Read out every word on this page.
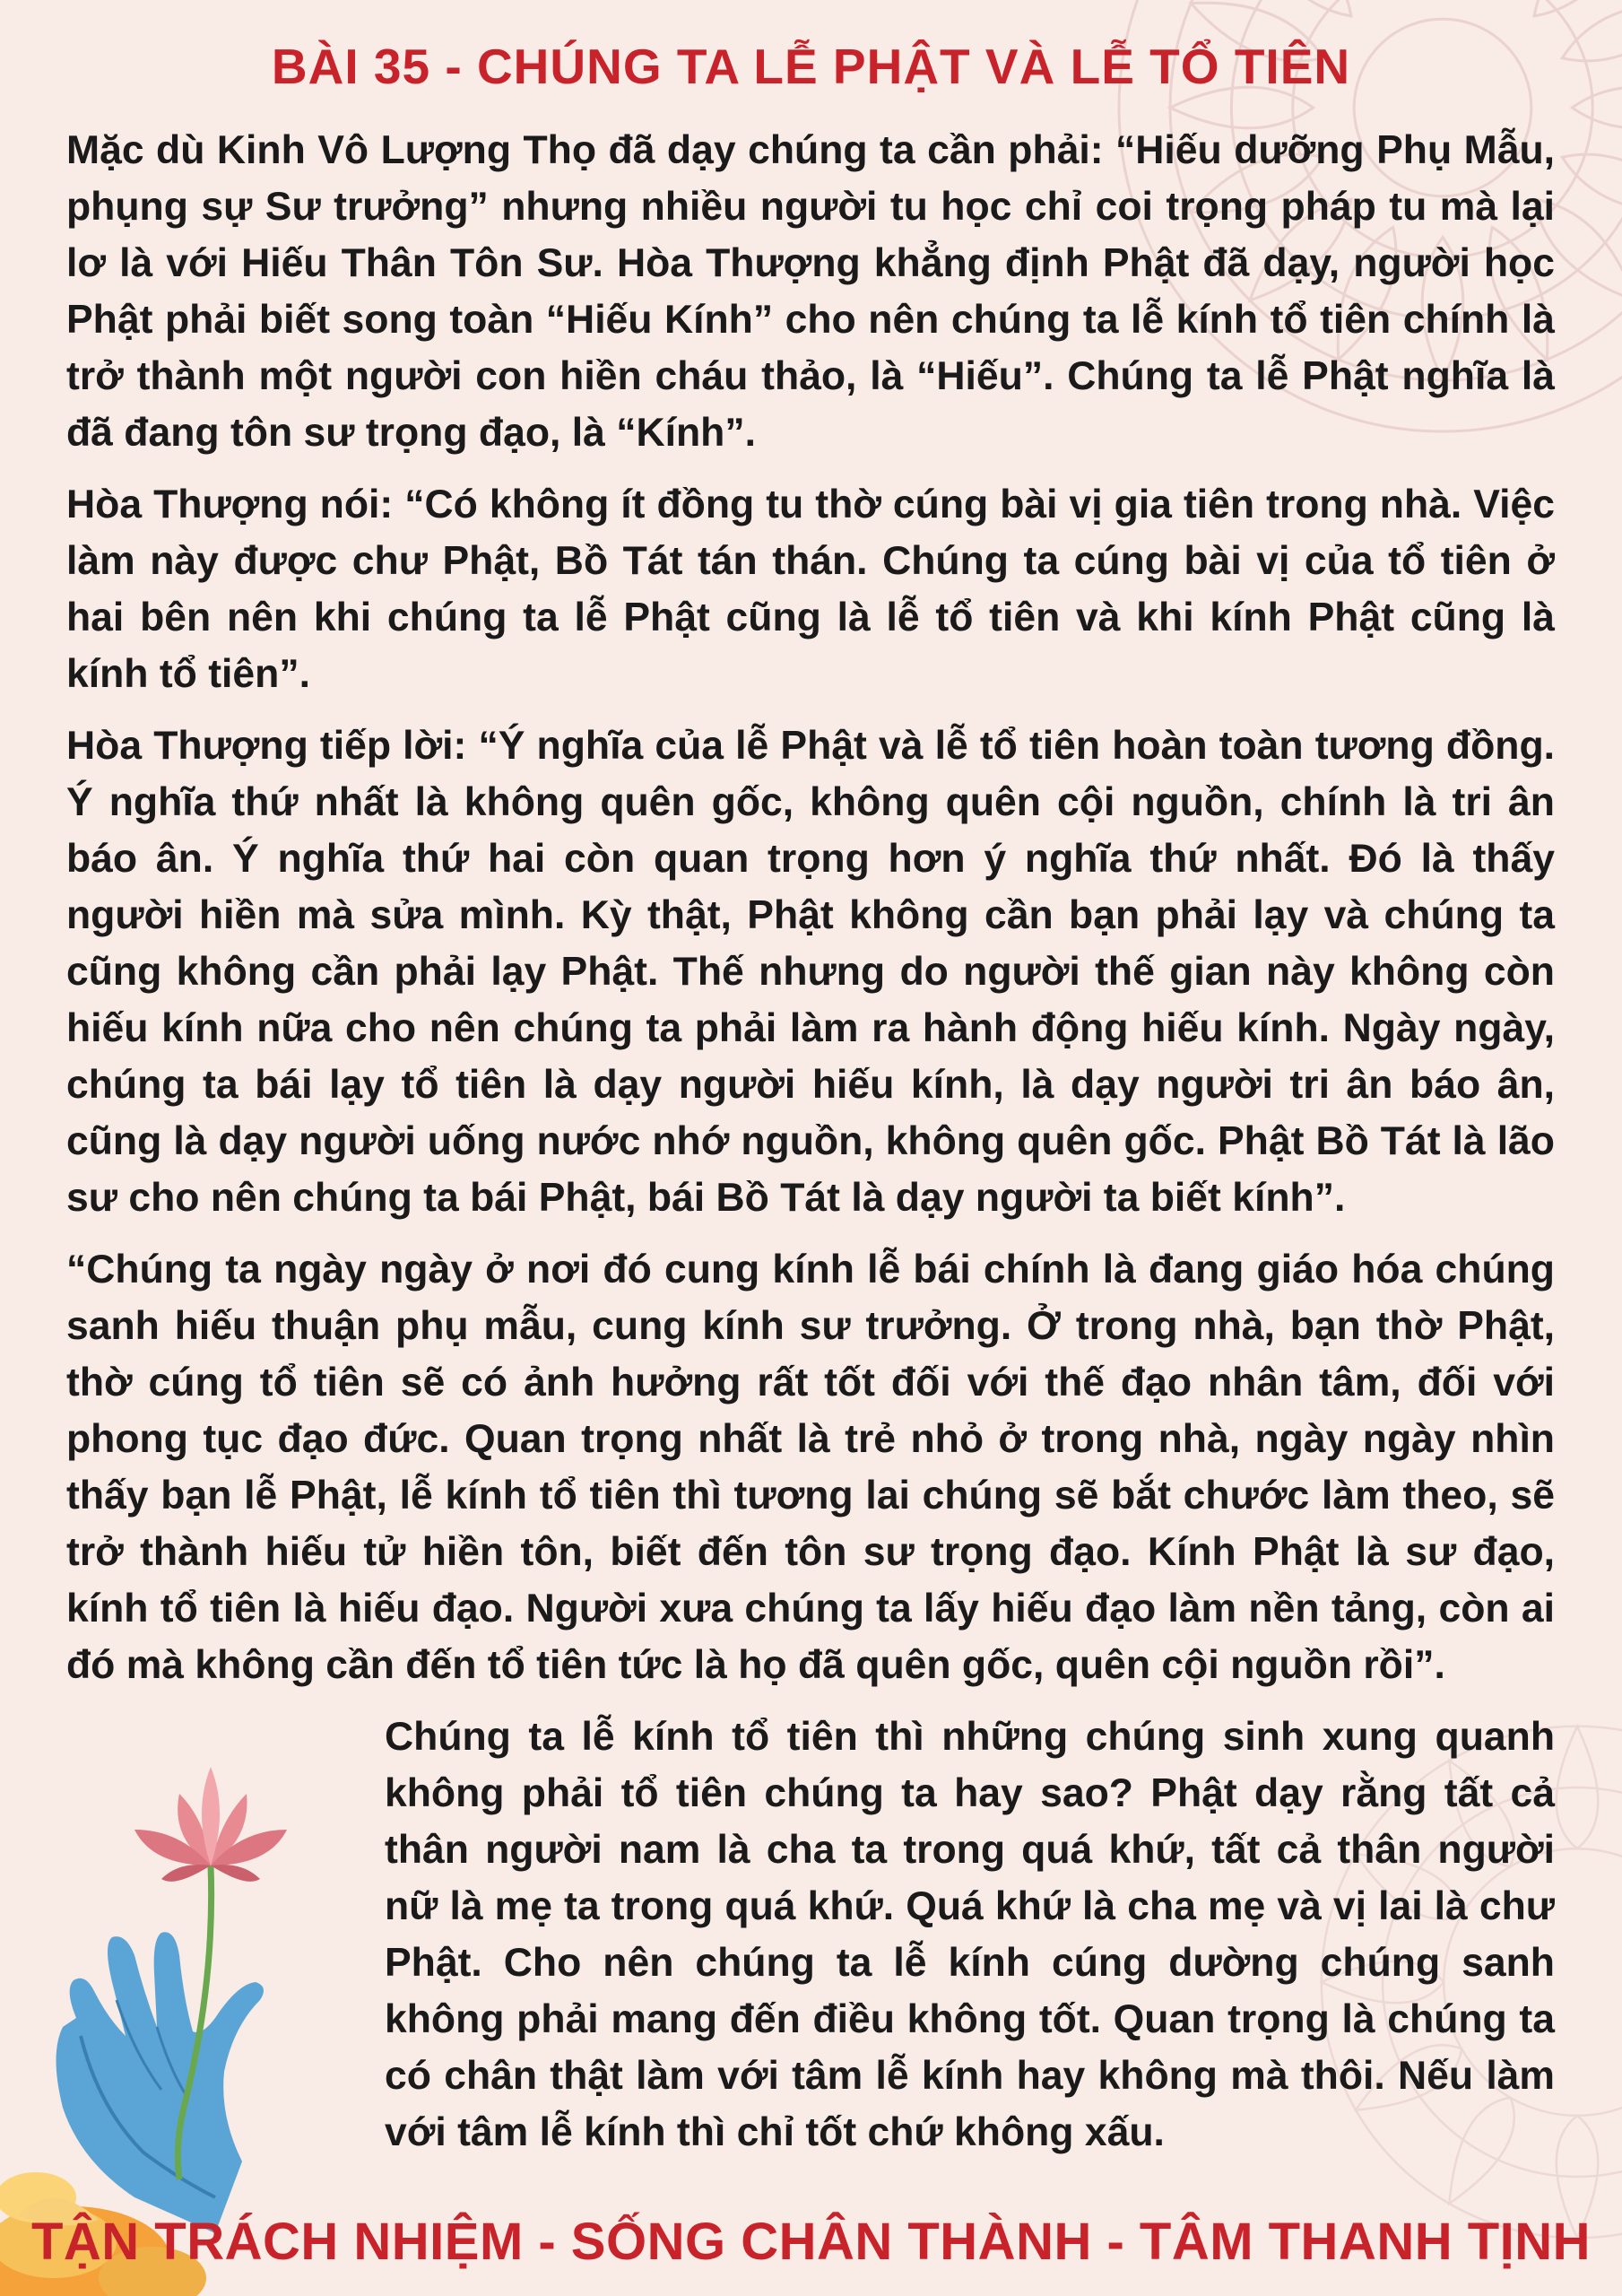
BÀI 35 - CHÚNG TA LỄ PHẬT VÀ LỄ TỔ TIÊN

Mặc dù Kinh Vô Lượng Thọ đã dạy chúng ta cần phải: “Hiếu dưỡng Phụ Mẫu, phụng sự Sư trưởng” nhưng nhiều người tu học chỉ coi trọng pháp tu mà lại lơ là với Hiếu Thân Tôn Sư. Hòa Thượng khẳng định Phật đã dạy, người học Phật phải biết song toàn “Hiếu Kính” cho nên chúng ta lễ kính tổ tiên chính là trở thành một người con hiền cháu thảo, là “Hiếu”. Chúng ta lễ Phật nghĩa là đã đang tôn sư trọng đạo, là “Kính”.

Hòa Thượng nói: “Có không ít đồng tu thờ cúng bài vị gia tiên trong nhà. Việc làm này được chư Phật, Bồ Tát tán thán. Chúng ta cúng bài vị của tổ tiên ở hai bên nên khi chúng ta lễ Phật cũng là lễ tổ tiên và khi kính Phật cũng là kính tổ tiên”.

Hòa Thượng tiếp lời: “Ý nghĩa của lễ Phật và lễ tổ tiên hoàn toàn tương đồng. Ý nghĩa thứ nhất là không quên gốc, không quên cội nguồn, chính là tri ân báo ân. Ý nghĩa thứ hai còn quan trọng hơn ý nghĩa thứ nhất. Đó là thấy người hiền mà sửa mình. Kỳ thật, Phật không cần bạn phải lạy và chúng ta cũng không cần phải lạy Phật. Thế nhưng do người thế gian này không còn hiếu kính nữa cho nên chúng ta phải làm ra hành động hiếu kính. Ngày ngày, chúng ta bái lạy tổ tiên là dạy người hiếu kính, là dạy người tri ân báo ân, cũng là dạy người uống nước nhớ nguồn, không quên gốc. Phật Bồ Tát là lão sư cho nên chúng ta bái Phật, bái Bồ Tát là dạy người ta biết kính”.

“Chúng ta ngày ngày ở nơi đó cung kính lễ bái chính là đang giáo hóa chúng sanh hiếu thuận phụ mẫu, cung kính sư trưởng. Ở trong nhà, bạn thờ Phật, thờ cúng tổ tiên sẽ có ảnh hưởng rất tốt đối với thế đạo nhân tâm, đối với phong tục đạo đức. Quan trọng nhất là trẻ nhỏ ở trong nhà, ngày ngày nhìn thấy bạn lễ Phật, lễ kính tổ tiên thì tương lai chúng sẽ bắt chước làm theo, sẽ trở thành hiếu tử hiền tôn, biết đến tôn sư trọng đạo. Kính Phật là sư đạo, kính tổ tiên là hiếu đạo. Người xưa chúng ta lấy hiếu đạo làm nền tảng, còn ai đó mà không cần đến tổ tiên tức là họ đã quên gốc, quên cội nguồn rồi”.

Chúng ta lễ kính tổ tiên thì những chúng sinh xung quanh không phải tổ tiên chúng ta hay sao? Phật dạy rằng tất cả thân người nam là cha ta trong quá khứ, tất cả thân người nữ là mẹ ta trong quá khứ. Quá khứ là cha mẹ và vị lai là chư Phật. Cho nên chúng ta lễ kính cúng dường chúng sanh không phải mang đến điều không tốt. Quan trọng là chúng ta có chân thật làm với tâm lễ kính hay không mà thôi. Nếu làm với tâm lễ kính thì chỉ tốt chứ không xấu.

TẬN TRÁCH NHIỆM - SỐNG CHÂN THÀNH - TÂM THANH TỊNH
